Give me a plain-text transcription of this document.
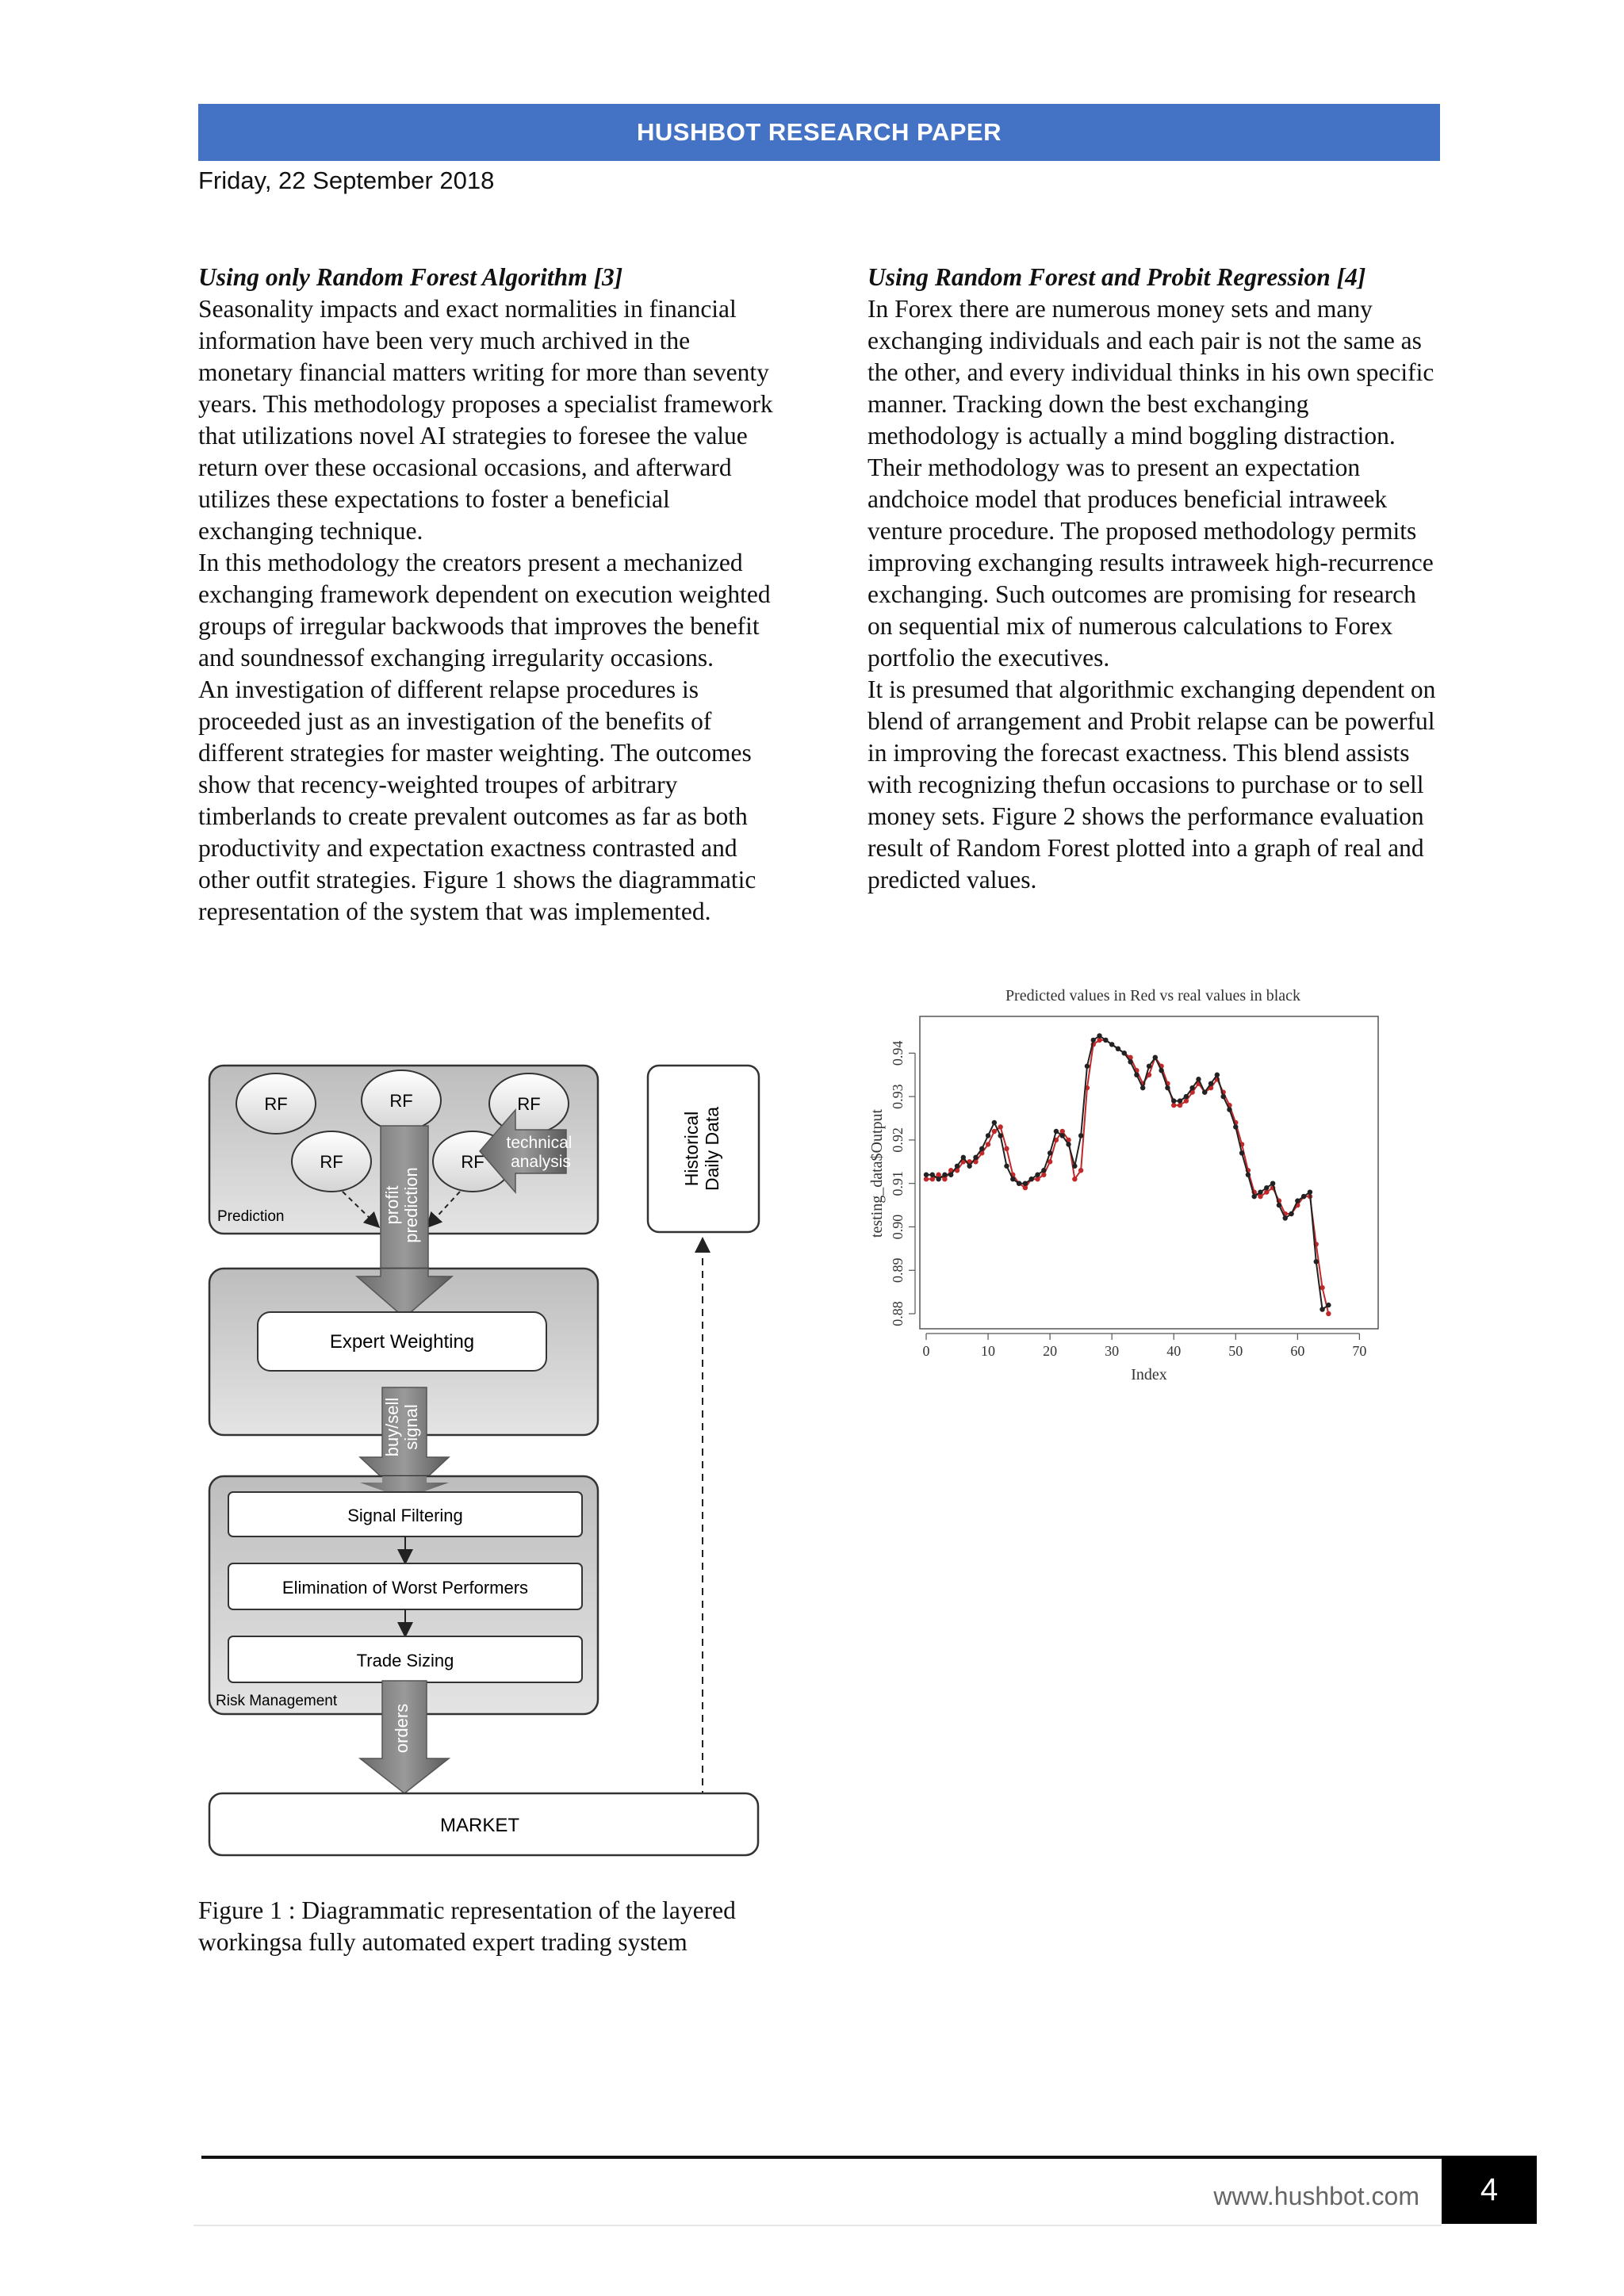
HUSHBOT RESEARCH PAPER
Friday, 22 September 2018

Using only Random Forest Algorithm [3]

Seasonality impacts and exact normalities in financial information have been very much archived in the monetary financial matters writing for more than seventy years. This methodology proposes a specialist framework that utilizations novel AI strategies to foresee the value return over these occasional occasions, and afterward utilizes these expectations to foster a beneficial exchanging technique.

In this methodology the creators present a mechanized exchanging framework dependent on execution weighted groups of irregular backwoods that improves the benefit and soundnessof exchanging irregularity occasions.

An investigation of different relapse procedures is proceeded just as an investigation of the benefits of different strategies for master weighting. The outcomes show that recency-weighted troupes of arbitrary timberlands to create prevalent outcomes as far as both productivity and expectation exactness contrasted and other outfit strategies. Figure 1 shows the diagrammatic representation of the system that was implemented.

Using Random Forest and Probit Regression [4]

In Forex there are numerous money sets and many exchanging individuals and each pair is not the same as the other, and every individual thinks in his own specific manner. Tracking down the best exchanging methodology is actually a mind boggling distraction. Their methodology was to present an expectation andchoice model that produces beneficial intraweek venture procedure. The proposed methodology permits improving exchanging results intraweek high-recurrence exchanging. Such outcomes are promising for research on sequential mix of numerous calculations to Forex portfolio the executives.

It is presumed that algorithmic exchanging dependent on blend of arrangement and Probit relapse can be powerful in improving the forecast exactness. This blend assists with recognizing thefun occasions to purchase or to sell money sets. Figure 2 shows the performance evaluation result of Random Forest plotted into a graph of real and predicted values.

RF	RF	RF
RF	RF
Prediction
technical
analysis	Historical Daily Data
profit prediction
Expert Weighting
buy/sell signal
Signal Filtering
Elimination of Worst Performers
Trade Sizing
Risk Management
orders
MARKET
Figure 1 : Diagrammatic representation of the layered workingsa fully automated expert trading system
Predicted values in Red vs real values in black
0	10	20	30	40	50	60	70
0.88
0.89
0.90
0.91
0.92
0.93
0.94
Index
testing_data$Output
www.hushbot.com 4
